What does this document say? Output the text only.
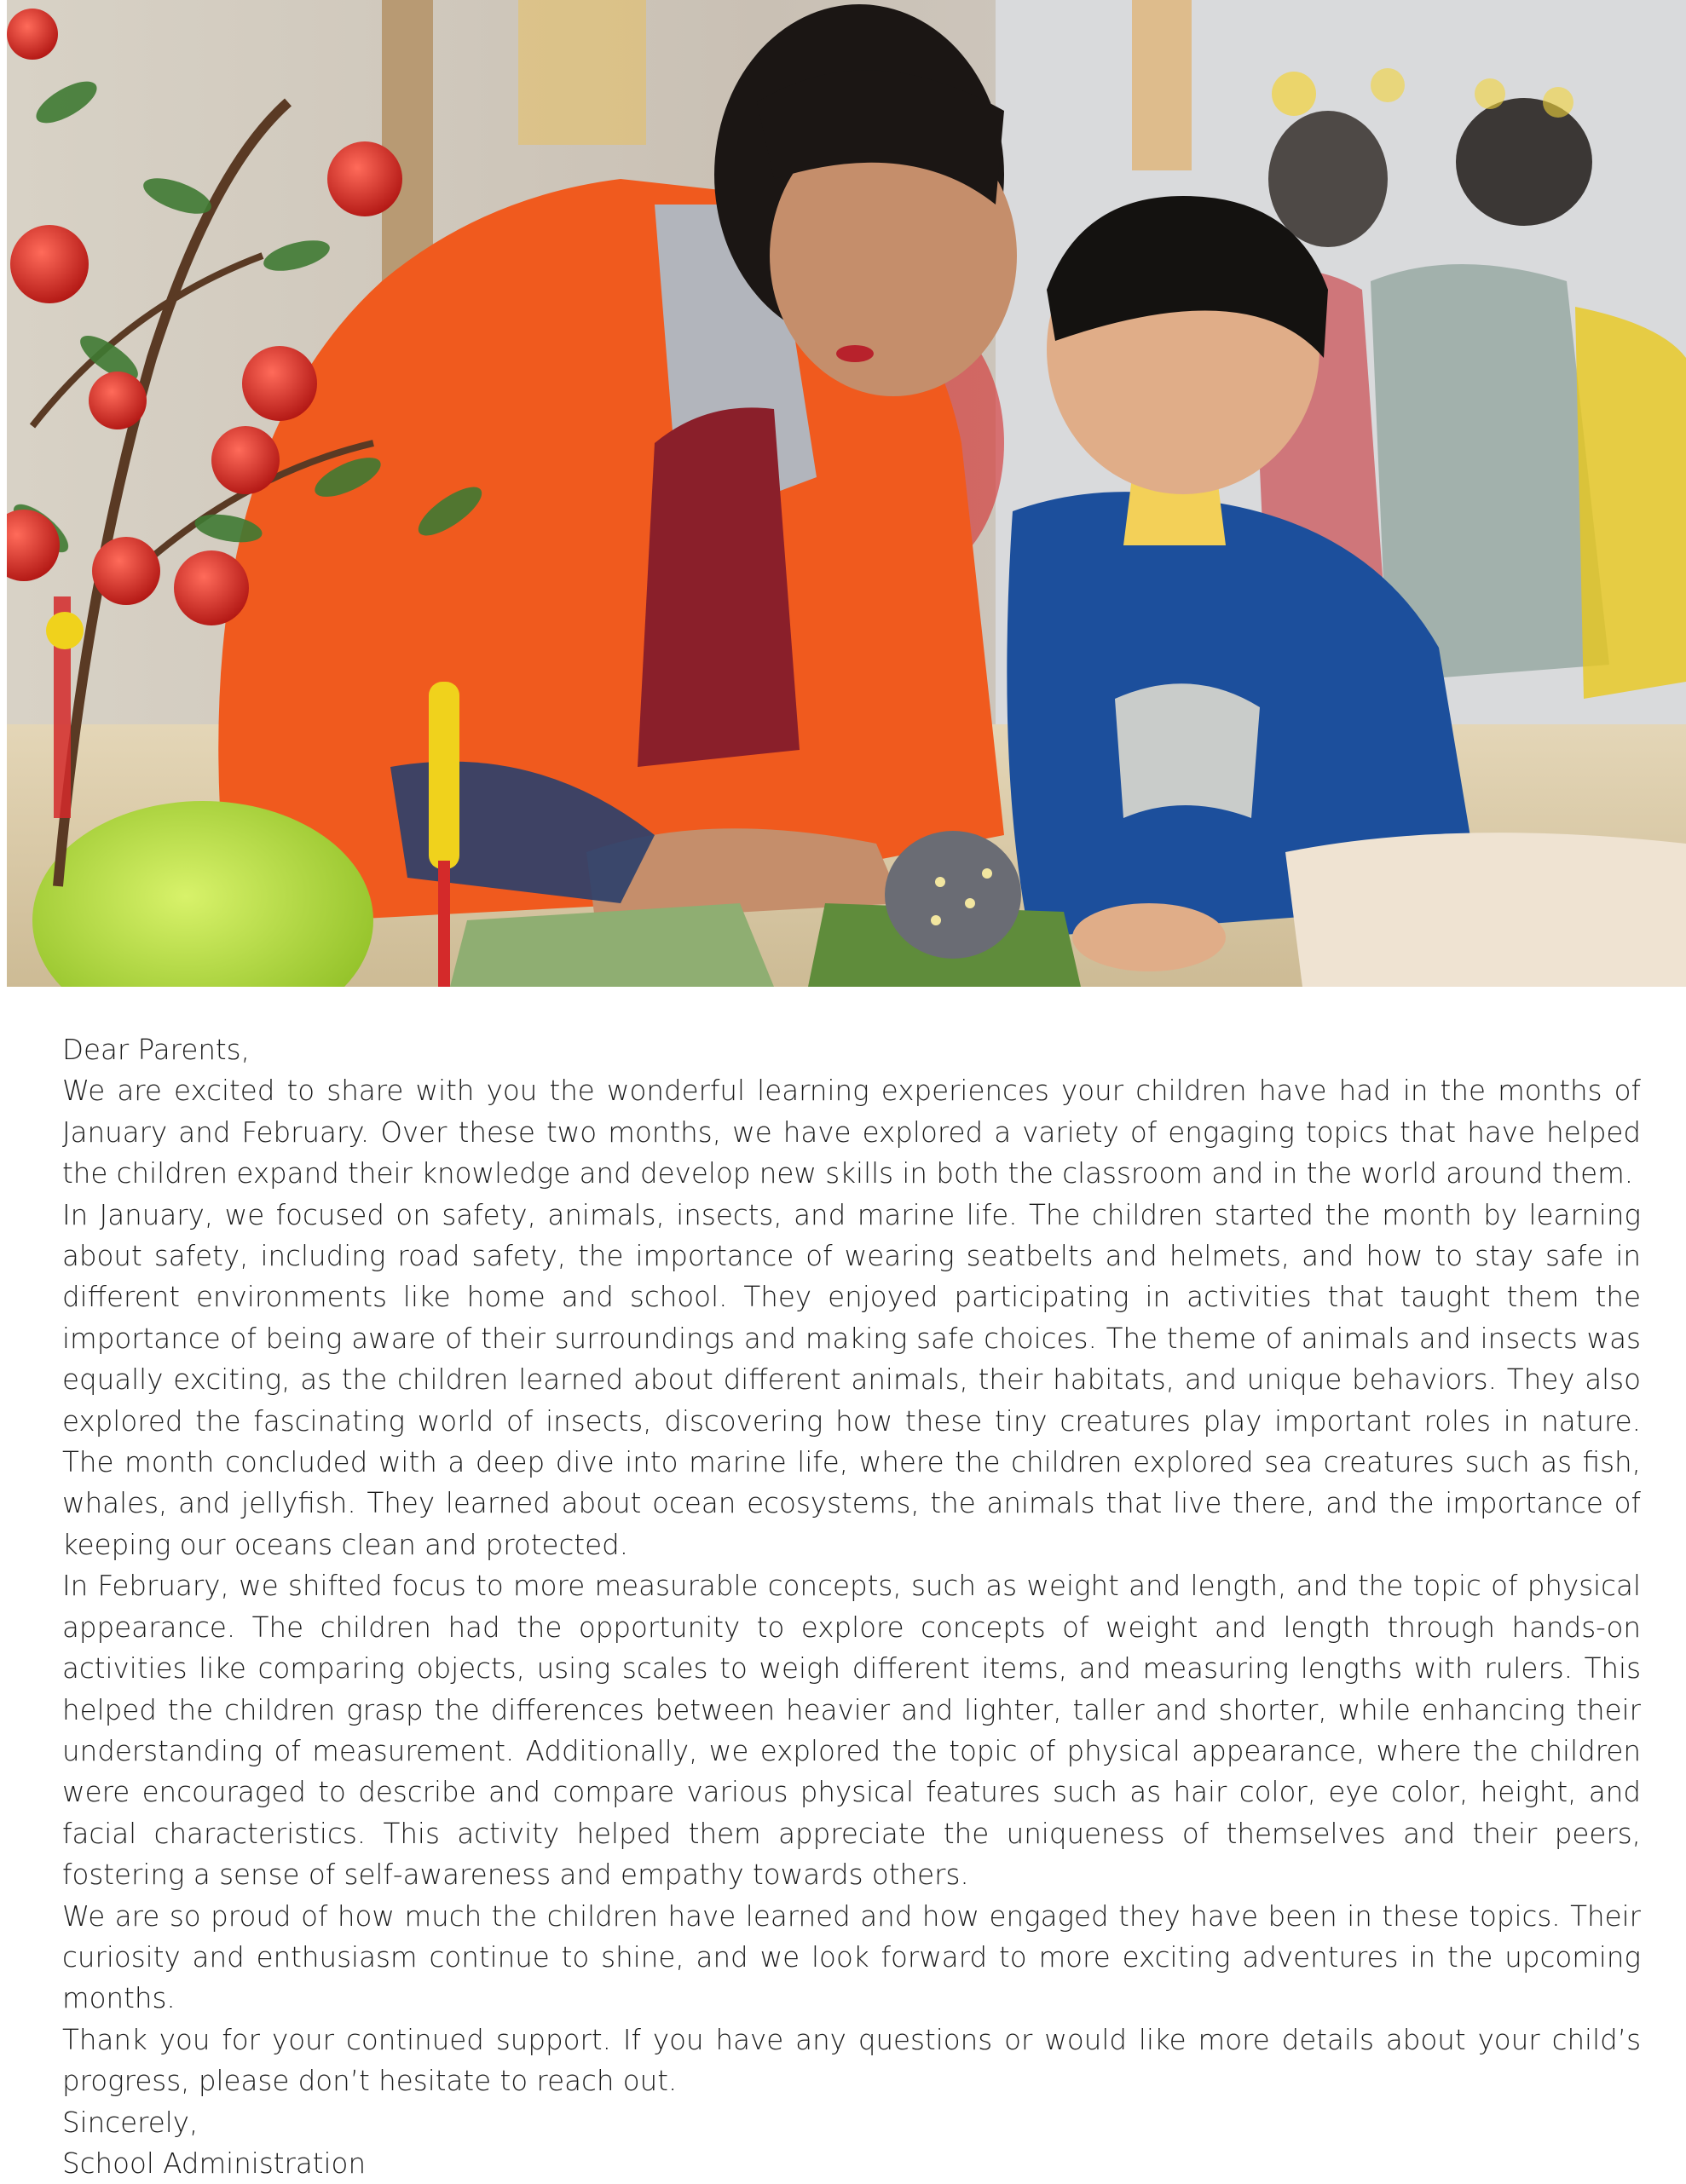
Dear Parents,

We are excited to share with you the wonderful learning experiences your children have had in the months of January and February. Over these two months, we have explored a variety of engaging topics that have helped the children expand their knowledge and develop new skills in both the classroom and in the world around them.

In January, we focused on safety, animals, insects, and marine life. The children started the month by learning about safety, including road safety, the importance of wearing seatbelts and helmets, and how to stay safe in different environments like home and school. They enjoyed participating in activities that taught them the importance of being aware of their surroundings and making safe choices. The theme of animals and insects was equally exciting, as the children learned about different animals, their habitats, and unique behaviors. They also explored the fascinating world of insects, discovering how these tiny creatures play important roles in nature. The month concluded with a deep dive into marine life, where the children explored sea creatures such as fish, whales, and jellyfish. They learned about ocean ecosystems, the animals that live there, and the importance of keeping our oceans clean and protected.

In February, we shifted focus to more measurable concepts, such as weight and length, and the topic of physical appearance. The children had the opportunity to explore concepts of weight and length through hands-on activities like comparing objects, using scales to weigh different items, and measuring lengths with rulers. This helped the children grasp the differences between heavier and lighter, taller and shorter, while enhancing their understanding of measurement. Additionally, we explored the topic of physical appearance, where the children were encouraged to describe and compare various physical features such as hair color, eye color, height, and facial characteristics. This activity helped them appreciate the uniqueness of themselves and their peers, fostering a sense of self-awareness and empathy towards others.

We are so proud of how much the children have learned and how engaged they have been in these topics. Their curiosity and enthusiasm continue to shine, and we look forward to more exciting adventures in the upcoming months.

Thank you for your continued support. If you have any questions or would like more details about your child’s progress, please don’t hesitate to reach out.

Sincerely,

School Administration
